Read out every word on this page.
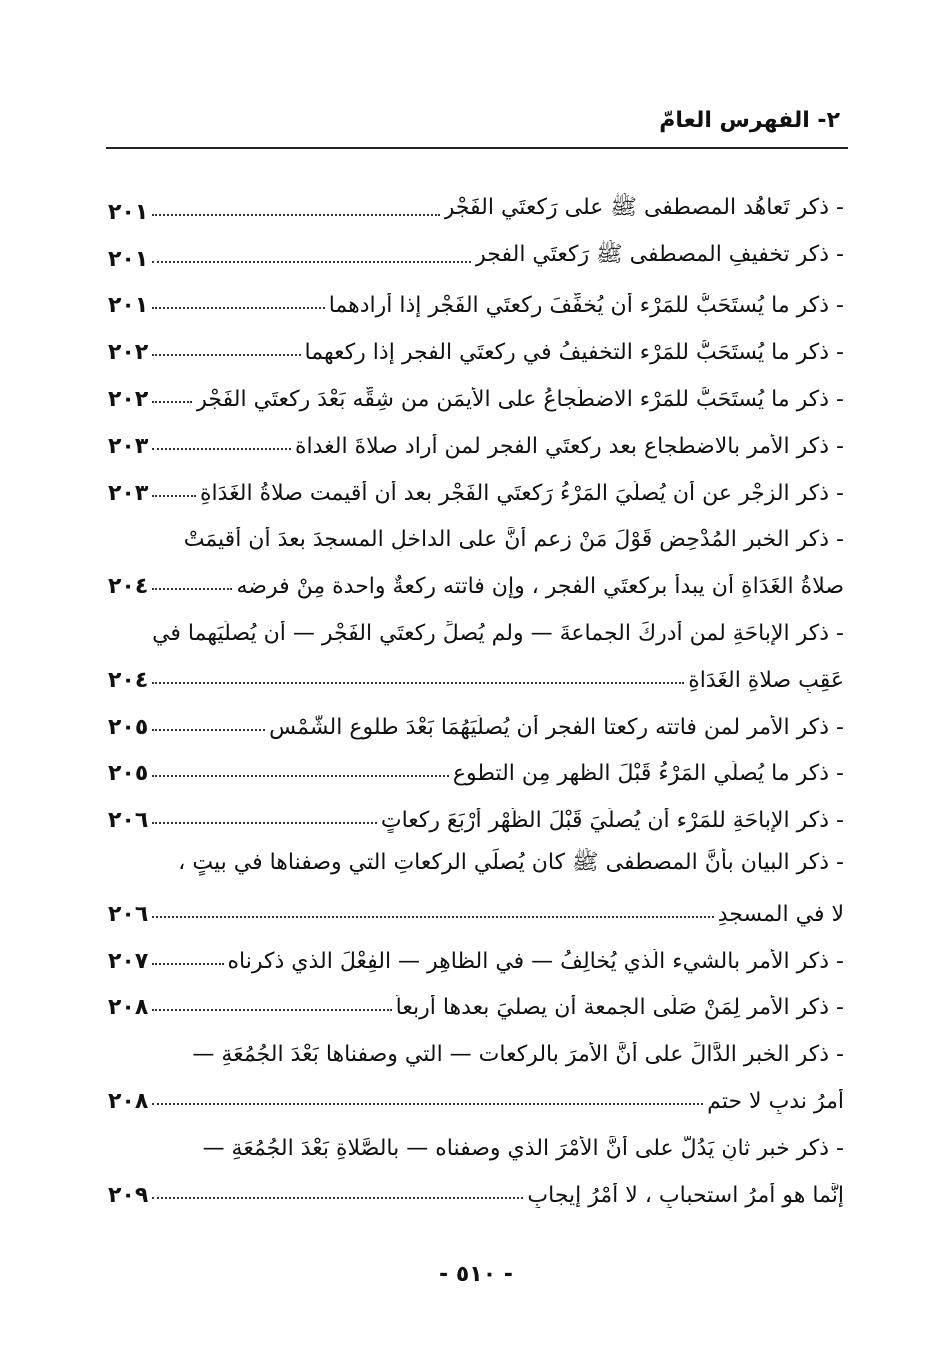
٢- الفهرس العامّ
- ذكر تَعاهُد المصطفى ﷺ على رَكعتَي الفَجْر
٢٠١
- ذكر تخفيفِ المصطفى ﷺ رَكعتَي الفجر
٢٠١
- ذكر ما يُستَحَبُّ للمَرْء أن يُخفِّفَ ركعتَي الفَجْر إذا أرادهما
٢٠١
- ذكر ما يُستَحَبُّ للمَرْء التخفيفُ في ركعتَي الفجر إذا ركعهما
٢٠٢
- ذكر ما يُستَحَبُّ للمَرْء الاضطِّجاعُ على الأيمَنِ من شِقِّه بَعْدَ ركعتَي الفَجْر
٢٠٢
- ذكر الأمر بالاضطجاع بعد ركعتَي الفجر لمن أراد صلاةَ الغداة
٢٠٣
- ذكر الزجْر عن أن يُصلِّيَ المَرْءُ رَكعتَي الفَجْر بعد أن أُقيمت صلاةُ الغَدَاةِ
٢٠٣
- ذكر الخبرِ المُدْحِضِ قَوْلَ مَنْ زعم أنَّ على الداخلِ المسجدَ بعدَ أن أُقيمَتْ
صلاةُ الغَدَاةِ أن يبدأ بركعتَي الفجر ، وإن فاتته ركعةٌ واحدة مِنْ فرضه
٢٠٤
- ذكر الإباحَةِ لمن أدركَ الجماعةَ — ولم يُصلِّ ركعتَيِ الفَجْر — أن يُصلِّيَهما في
عَقِبِ صلاةِ الغَدَاةِ
٢٠٤
- ذكر الأمر لمن فاتته ركعتا الفجر أن يُصلِّيَهُمَا بَعْدَ طلوع الشَّمْسِ
٢٠٥
- ذكر ما يُصلِّي المَرْءُ قَبْلَ الظهر مِن التطوع
٢٠٥
- ذكر الإباحَةِ للمَرْء أن يُصلِّيَ قَبْلَ الظُّهْر أرْبَعَ ركعاتٍ
٢٠٦
- ذكر البيان بأنَّ المصطفى ﷺ كان يُصلِّي الركعاتِ التي وصفناها في بيتٍ ،
لا في المسجدِ
٢٠٦
- ذكر الأمر بالشيء الَّذي يُخالِفُ — في الظاهِرِ — الفِعْلَ الذي ذكرناه
٢٠٧
- ذكر الأمر لِمَنْ صَلَّى الجمعة أن يصليَ بعدها أربعاً
٢٠٨
- ذكر الخبرِ الدَّالِّ على أنَّ الأمرَ بالركعات — التي وصفناها بَعْدَ الجُمُعَةِ —
أمرُ ندبٍ لا حتم
٢٠٨
- ذكر خبرٍ ثانٍ يَدُلُّ على أنَّ الأَمْرَ الذي وصفناه — بالصَّلاةِ بَعْدَ الجُمُعَةِ —
إنَّما هو أمرُ استحبابٍ ، لا أَمْرُ إيجابٍ
٢٠٩
- ٥١٠ -
